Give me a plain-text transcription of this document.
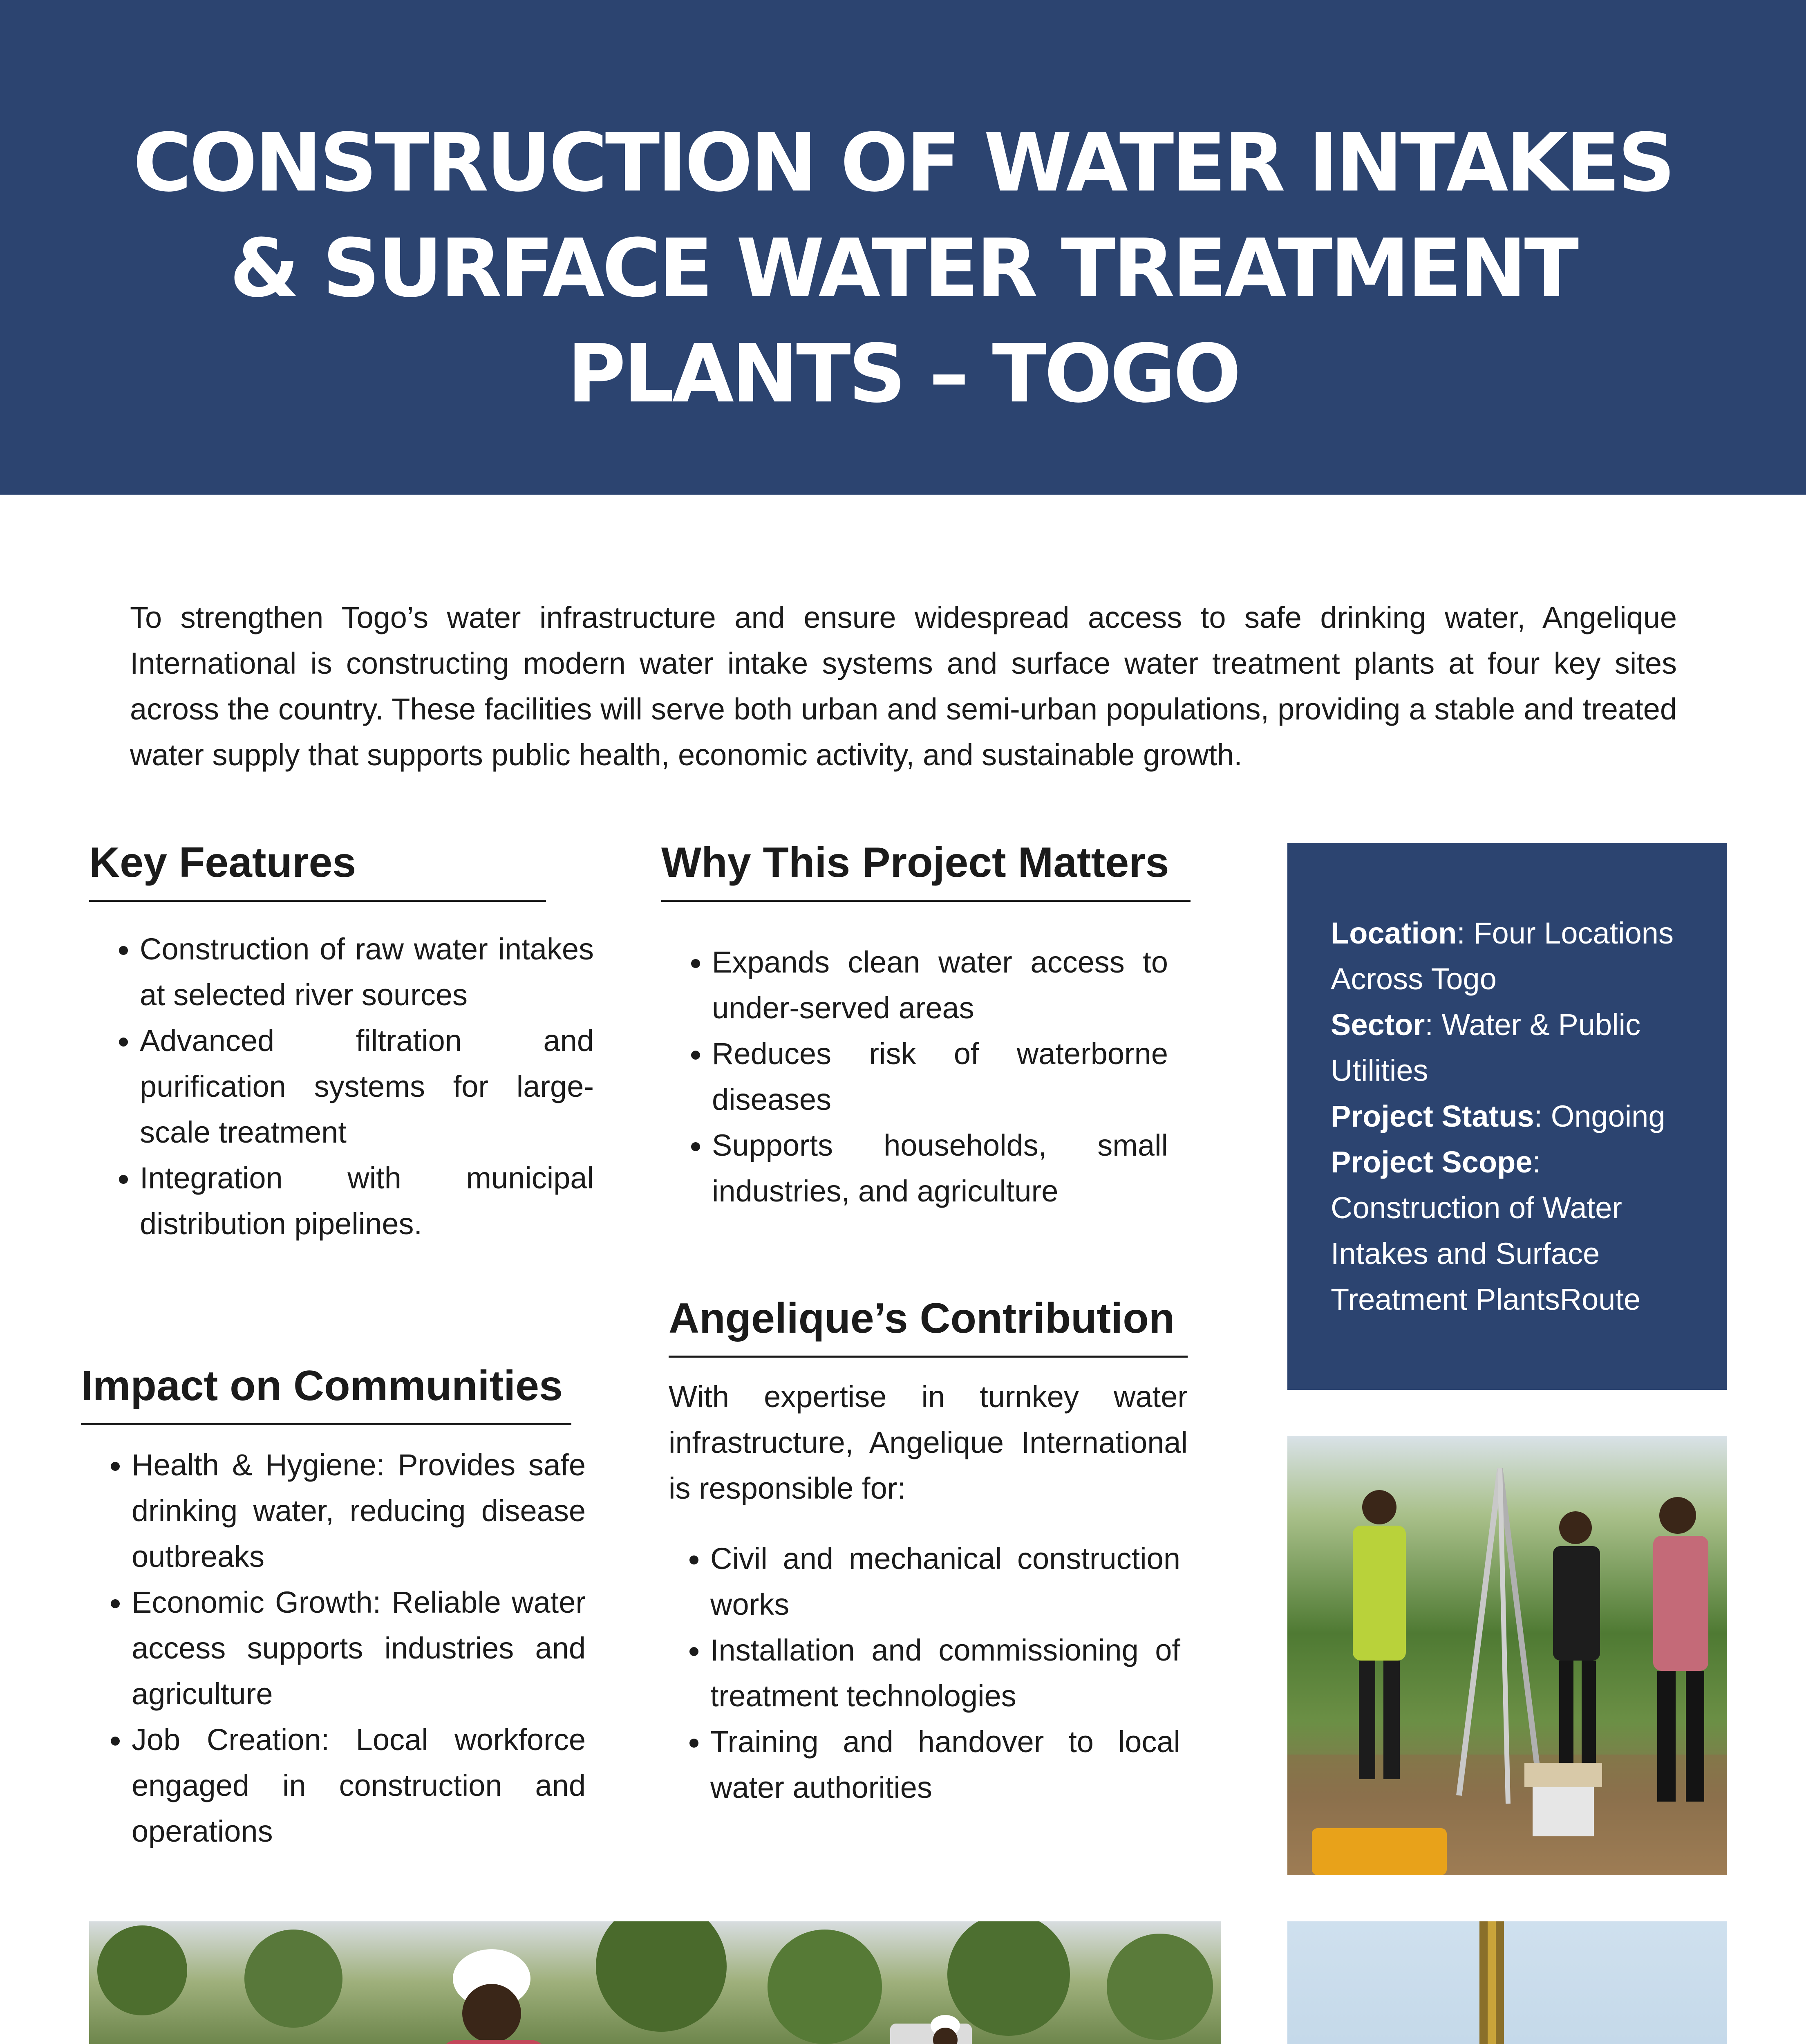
CONSTRUCTION OF WATER INTAKES
& SURFACE WATER TREATMENT
PLANTS – TOGO

To strengthen Togo’s water infrastructure and ensure widespread access to safe drinking water, Angelique International is constructing modern water intake systems and surface water treatment plants at four key sites across the country. These facilities will serve both urban and semi-urban populations, providing a stable and treated water supply that supports public health, economic activity, and sustainable growth.

Key Features
• Construction of raw water intakes at selected river sources
• Advanced filtration and purification systems for large-scale treatment
• Integration with municipal distribution pipelines.
Why This Project Matters
• Expands clean water access to under-served areas
• Reduces risk of waterborne diseases
• Supports households, small industries, and agriculture
Impact on Communities
• Health & Hygiene: Provides safe drinking water, reducing disease outbreaks
• Economic Growth: Reliable water access supports industries and agriculture
• Job Creation: Local workforce engaged in construction and operations
Angelique’s Contribution

With expertise in turnkey water infrastructure, Angelique International is responsible for:

• Civil and mechanical construction works
• Installation and commissioning of treatment technologies
• Training and handover to local water authorities

Location: Four Locations Across Togo
Sector: Water & Public Utilities
Project Status: Ongoing
Project Scope: Construction of Water Intakes and Surface Treatment PlantsRoute
